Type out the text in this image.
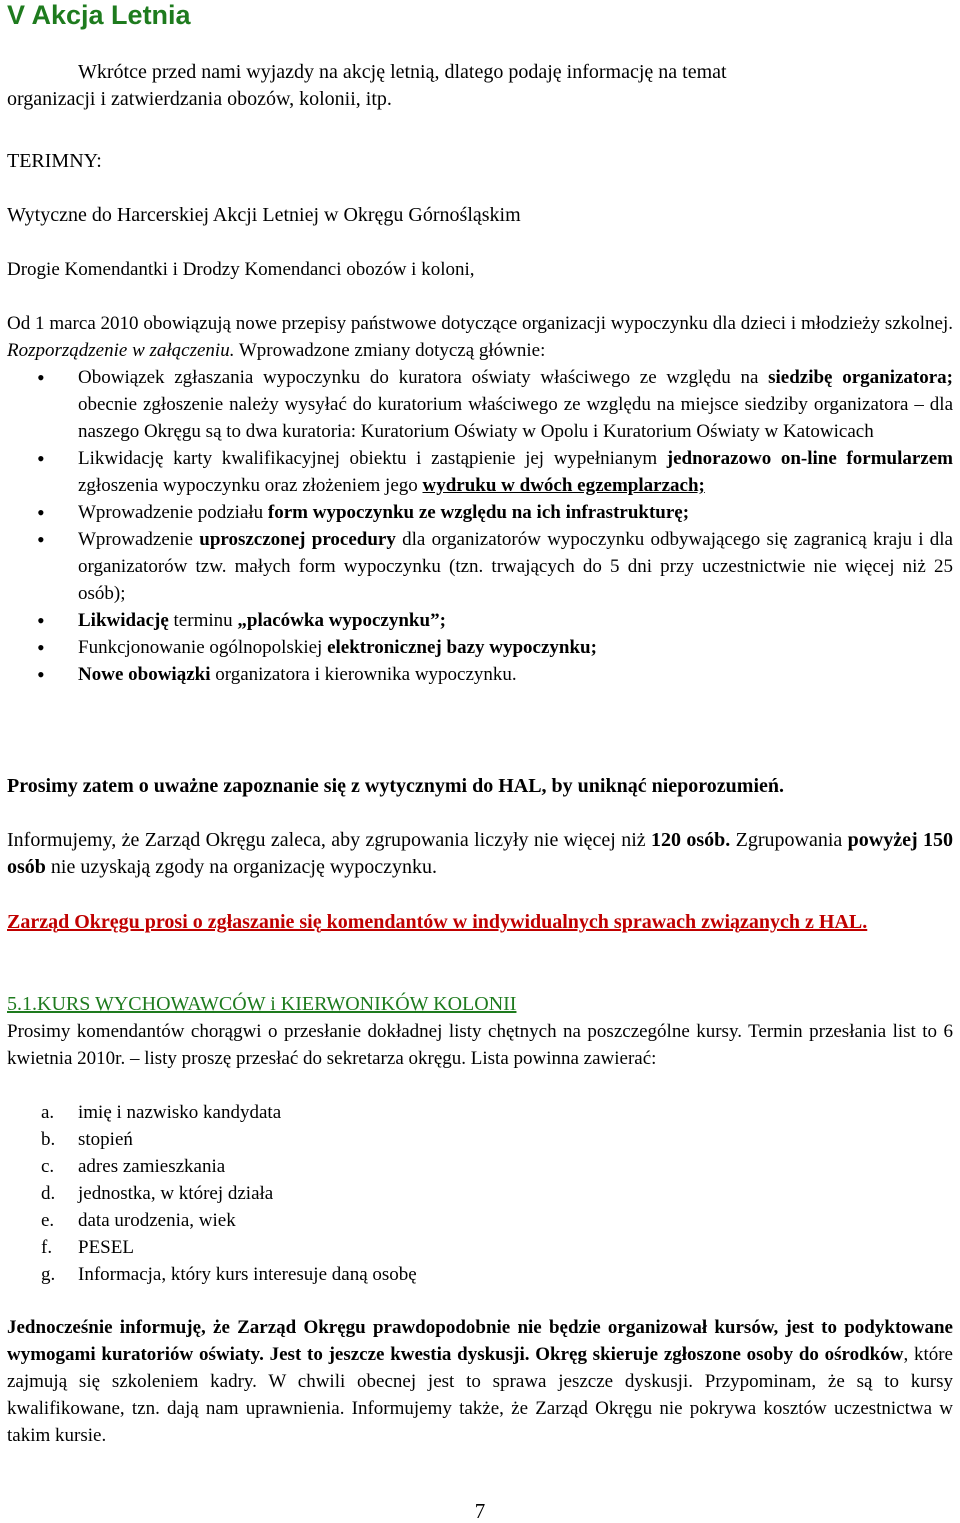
V Akcja Letnia
Wkrótce przed nami wyjazdy na akcję letnią, dlatego podaję informację na temat
organizacji i zatwierdzania obozów, kolonii, itp.
TERIMNY:
Wytyczne do Harcerskiej Akcji Letniej w Okręgu Górnośląskim
Drogie Komendantki i Drodzy Komendanci obozów i koloni,
Od 1 marca 2010 obowiązują nowe przepisy państwowe dotyczące organizacji wypoczynku dla dzieci i młodzieży szkolnej. Rozporządzenie w załączeniu. Wprowadzone zmiany dotyczą głównie:
• Obowiązek zgłaszania wypoczynku do kuratora oświaty właściwego ze względu na siedzibę organizatora; obecnie zgłoszenie należy wysyłać do kuratorium właściwego ze względu na miejsce siedziby organizatora – dla naszego Okręgu są to dwa kuratoria: Kuratorium Oświaty w Opolu i Kuratorium Oświaty w Katowicach
• Likwidację karty kwalifikacyjnej obiektu i zastąpienie jej wypełnianym jednorazowo on-line formularzem zgłoszenia wypoczynku oraz złożeniem jego wydruku w dwóch egzemplarzach;
• Wprowadzenie podziału form wypoczynku ze względu na ich infrastrukturę;
• Wprowadzenie uproszczonej procedury dla organizatorów wypoczynku odbywającego się zagranicą kraju i dla organizatorów tzw. małych form wypoczynku (tzn. trwających do 5 dni przy uczestnictwie nie więcej niż 25 osób);
• Likwidację terminu „placówka wypoczynku”;
• Funkcjonowanie ogólnopolskiej elektronicznej bazy wypoczynku;
• Nowe obowiązki organizatora i kierownika wypoczynku.
Prosimy zatem o uważne zapoznanie się z wytycznymi do HAL, by uniknąć nieporozumień.
Informujemy, że Zarząd Okręgu zaleca, aby zgrupowania liczyły nie więcej niż 120 osób. Zgrupowania powyżej 150 osób nie uzyskają zgody na organizację wypoczynku.
Zarząd Okręgu prosi o zgłaszanie się komendantów w indywidualnych sprawach związanych z HAL.
5.1.KURS WYCHOWAWCÓW i KIERWONIKÓW KOLONII
Prosimy komendantów chorągwi o przesłanie dokładnej listy chętnych na poszczególne kursy. Termin przesłania list to 6 kwietnia 2010r. – listy proszę przesłać do sekretarza okręgu. Lista powinna zawierać:
a. imię i nazwisko kandydata
b. stopień
c. adres zamieszkania
d. jednostka, w której działa
e. data urodzenia, wiek
f. PESEL
g. Informacja, który kurs interesuje daną osobę
Jednocześnie informuję, że Zarząd Okręgu prawdopodobnie nie będzie organizował kursów, jest to podyktowane wymogami kuratoriów oświaty. Jest to jeszcze kwestia dyskusji. Okręg skieruje zgłoszone osoby do ośrodków, które zajmują się szkoleniem kadry. W chwili obecnej jest to sprawa jeszcze dyskusji. Przypominam, że są to kursy kwalifikowane, tzn. dają nam uprawnienia. Informujemy także, że Zarząd Okręgu nie pokrywa kosztów uczestnictwa w takim kursie.
7
